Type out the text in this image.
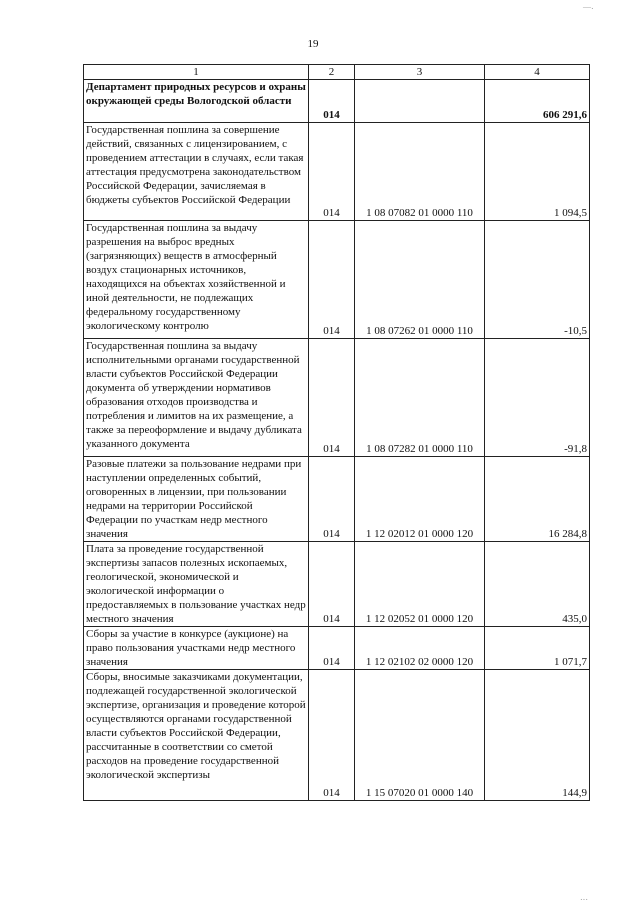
19
1	2	3	4
Департамент природных ресурсов и охраны окружающей среды Вологодской области	014		606 291,6
Государственная пошлина за совершение действий, связанных с лицензированием, с проведением аттестации в случаях, если такая аттестация предусмотрена законодательством Российской Федерации, зачисляемая в бюджеты субъектов Российской Федерации	014	1 08 07082 01 0000 110	1 094,5
Государственная пошлина за выдачу разрешения на выброс вредных (загрязняющих) веществ в атмосферный воздух стационарных источников, находящихся на объектах хозяйственной и иной деятельности, не подлежащих федеральному государственному экологическому контролю	014	1 08 07262 01 0000 110	-10,5
Государственная пошлина за выдачу исполнительными органами государственной власти субъектов Российской Федерации документа об утверждении нормативов образования отходов производства и потребления и лимитов на их размещение, а также за переоформление и выдачу дубликата указанного документа	014	1 08 07282 01 0000 110	-91,8
Разовые платежи за пользование недрами при наступлении определенных событий, оговоренных в лицензии, при пользовании недрами на территории Российской Федерации по участкам недр местного значения	014	1 12 02012 01 0000 120	16 284,8
Плата за проведение государственной экспертизы запасов полезных ископаемых, геологической, экономической и экологической информации о предоставляемых в пользование участках недр местного значения	014	1 12 02052 01 0000 120	435,0
Сборы за участие в конкурсе (аукционе) на право пользования участками недр местного значения	014	1 12 02102 02 0000 120	1 071,7
Сборы, вносимые заказчиками документации, подлежащей государственной экологической экспертизе, организация и проведение которой осуществляются органами государственной власти субъектов Российской Федерации, рассчитанные в соответствии со сметой расходов на проведение государственной экологической экспертизы	014	1 15 07020 01 0000 140	144,9
―․
․․․
